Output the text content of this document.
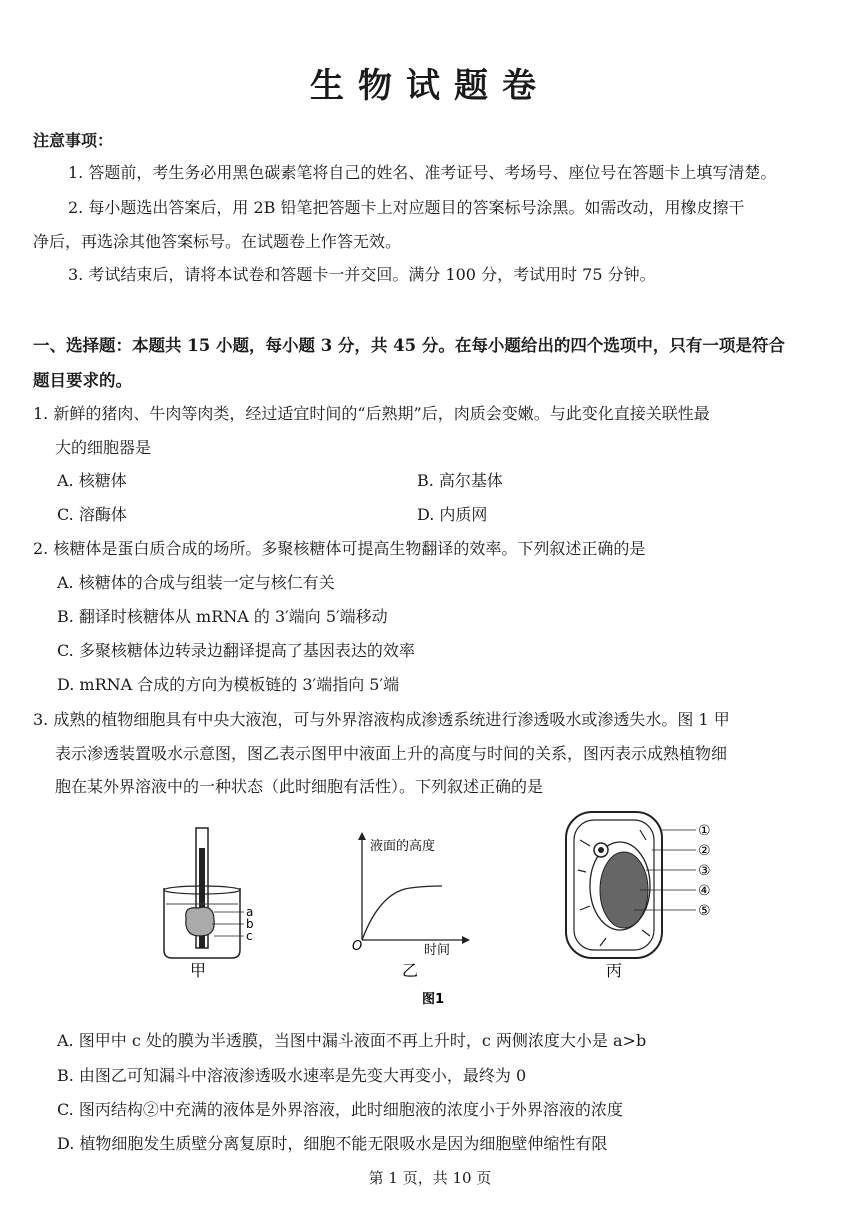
生物试题卷
注意事项：
1. 答题前，考生务必用黑色碳素笔将自己的姓名、准考证号、考场号、座位号在答题卡上填写清楚。
2. 每小题选出答案后，用 2B 铅笔把答题卡上对应题目的答案标号涂黑。如需改动，用橡皮擦干
净后，再选涂其他答案标号。在试题卷上作答无效。
3. 考试结束后，请将本试卷和答题卡一并交回。满分 100 分，考试用时 75 分钟。
一、选择题：本题共 15 小题，每小题 3 分，共 45 分。在每小题给出的四个选项中，只有一项是符合
题目要求的。
1. 新鲜的猪肉、牛肉等肉类，经过适宜时间的“后熟期”后，肉质会变嫩。与此变化直接关联性最
大的细胞器是
A. 核糖体	B. 高尔基体
C. 溶酶体	D. 内质网
2. 核糖体是蛋白质合成的场所。多聚核糖体可提高生物翻译的效率。下列叙述正确的是
A. 核糖体的合成与组装一定与核仁有关
B. 翻译时核糖体从 mRNA 的 3′端向 5′端移动
C. 多聚核糖体边转录边翻译提高了基因表达的效率
D. mRNA 合成的方向为模板链的 3′端指向 5′端
3. 成熟的植物细胞具有中央大液泡，可与外界溶液构成渗透系统进行渗透吸水或渗透失水。图 1 甲
表示渗透装置吸水示意图，图乙表示图甲中液面上升的高度与时间的关系，图丙表示成熟植物细
胞在某外界溶液中的一种状态（此时细胞有活性）。下列叙述正确的是
a
b
c
甲
液面的高度
时间
O
乙
①
②
③
④
⑤
丙
图1
A. 图甲中 c 处的膜为半透膜，当图中漏斗液面不再上升时，c 两侧浓度大小是 a>b
B. 由图乙可知漏斗中溶液渗透吸水速率是先变大再变小，最终为 0
C. 图丙结构②中充满的液体是外界溶液，此时细胞液的浓度小于外界溶液的浓度
D. 植物细胞发生质壁分离复原时，细胞不能无限吸水是因为细胞壁伸缩性有限
第 1 页，共 10 页
